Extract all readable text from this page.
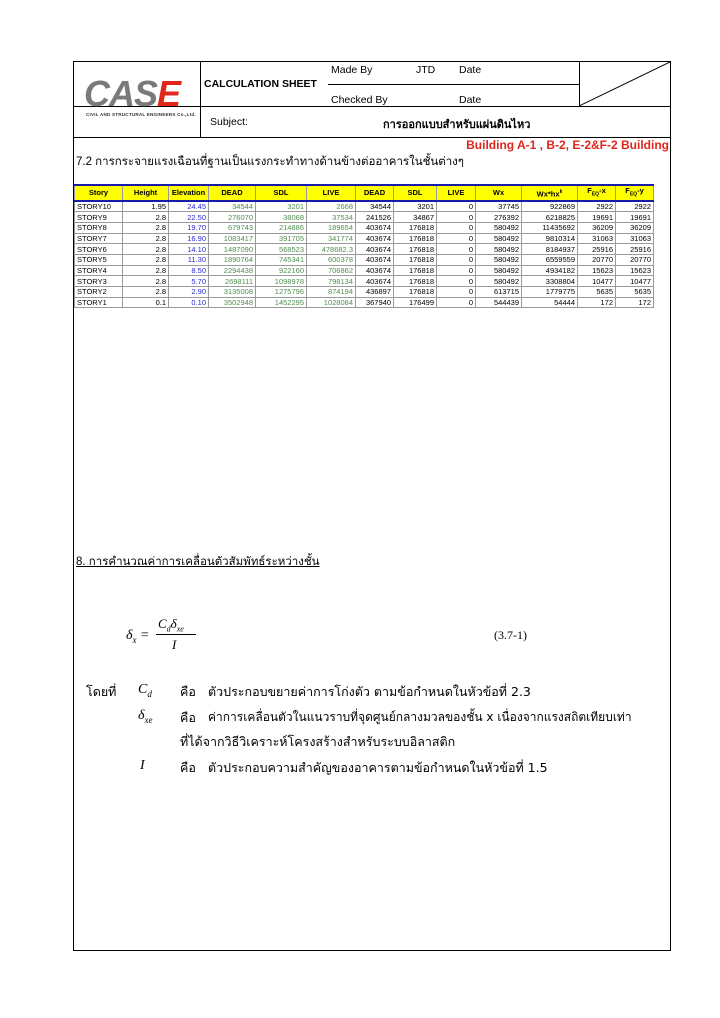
CASE
CIVIL AND STRUCTURAL ENGINEERS Co.,Ltd.
CALCULATION SHEET
Made By	JTD Date
Checked By	Date
Subject:	การออกแบบสำหรับแผ่นดินไหว
Building A-1 , B-2, E-2&F-2 Building
7.2 การกระจายแรงเฉือนที่ฐานเป็นแรงกระทำทางด้านข้างต่ออาคารในชั้นต่างๆ
Story	Height	Elevation	DEAD	SDL	LIVE	DEAD	SDL	LIVE	Wx	$Wx*hx^k$	$F_{EQ}-x$	$F_{EQ}-y$
STORY10	1.95	24.45	34544	3201	2668	34544	3201	0	37745	922869	2922	2922
STORY9	2.8	22.50	276070	38068	37534	241526	34867	0	276392	6218825	19691	19691
STORY8	2.8	19.70	679743	214886	189654	403674	176818	0	580492	11435692	36209	36209
STORY7	2.8	16.90	1083417	391705	341774	403674	176818	0	580492	9810314	31063	31063
STORY6	2.8	14.10	1487090	568523	478682.3	403674	176818	0	580492	8184937	25916	25916
STORY5	2.8	11.30	1890764	745341	600378	403674	176818	0	580492	6559559	20770	20770
STORY4	2.8	8.50	2294438	922160	706862	403674	176818	0	580492	4934182	15623	15623
STORY3	2.8	5.70	2698111	1098978	798134	403674	176818	0	580492	3308804	10477	10477
STORY2	2.8	2.90	3135008	1275796	874194	436897	176818	0	613715	1779775	5635	5635
STORY1	0.1	0.10	3502948	1452295	1028084	367940	176499	0	544439	54444	172	172
8. การคำนวณค่าการเคลื่อนตัวสัมพัทธ์ระหว่างชั้น
$\delta_x$ =
$C_d\delta_{xe}$
I
(3.7-1)
โดยที่ $C_d$ คือ ตัวประกอบขยายค่าการโก่งตัว ตามข้อกำหนดในหัวข้อที่ 2.3
$\delta_{xe}$ คือ ค่าการเคลื่อนตัวในแนวราบที่จุดศูนย์กลางมวลของชั้น x เนื่องจากแรงสถิตเทียบเท่า
ที่ได้จากวิธีวิเคราะห์โครงสร้างสำหรับระบบอิลาสติก
I	คือ ตัวประกอบความสำคัญของอาคารตามข้อกำหนดในหัวข้อที่ 1.5
